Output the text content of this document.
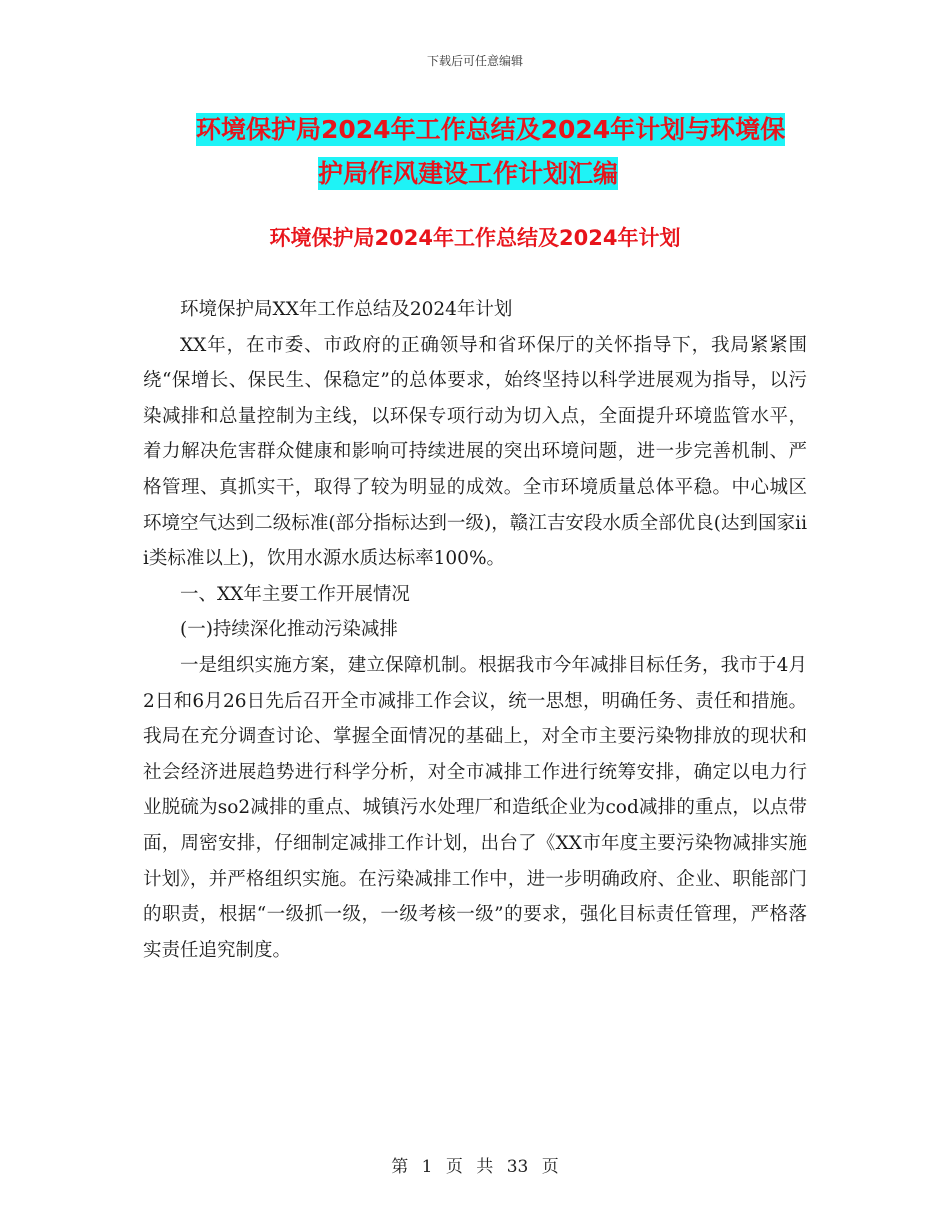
下载后可任意编辑
环境保护局2024年工作总结及2024年计划与环境保
护局作风建设工作计划汇编
环境保护局2024年工作总结及2024年计划

环境保护局XX年工作总结及2024年计划

XX年，在市委、市政府的正确领导和省环保厅的关怀指导下，我局紧紧围绕“保增长、保民生、保稳定”的总体要求，始终坚持以科学进展观为指导，以污染减排和总量控制为主线，以环保专项行动为切入点，全面提升环境监管水平，着力解决危害群众健康和影响可持续进展的突出环境问题，进一步完善机制、严格管理、真抓实干，取得了较为明显的成效。全市环境质量总体平稳。中心城区环境空气达到二级标准(部分指标达到一级)，赣江吉安段水质全部优良(达到国家iii类标准以上)，饮用水源水质达标率100%。

一、XX年主要工作开展情况

(一)持续深化推动污染减排

一是组织实施方案，建立保障机制。根据我市今年减排目标任务，我市于4月2日和6月26日先后召开全市减排工作会议，统一思想，明确任务、责任和措施。我局在充分调查讨论、掌握全面情况的基础上，对全市主要污染物排放的现状和社会经济进展趋势进行科学分析，对全市减排工作进行统筹安排，确定以电力行业脱硫为so2减排的重点、城镇污水处理厂和造纸企业为cod减排的重点，以点带面，周密安排，仔细制定减排工作计划，出台了《XX市年度主要污染物减排实施计划》，并严格组织实施。在污染减排工作中，进一步明确政府、企业、职能部门的职责，根据“一级抓一级，一级考核一级”的要求，强化目标责任管理，严格落实责任追究制度。

第 1 页 共 33 页
